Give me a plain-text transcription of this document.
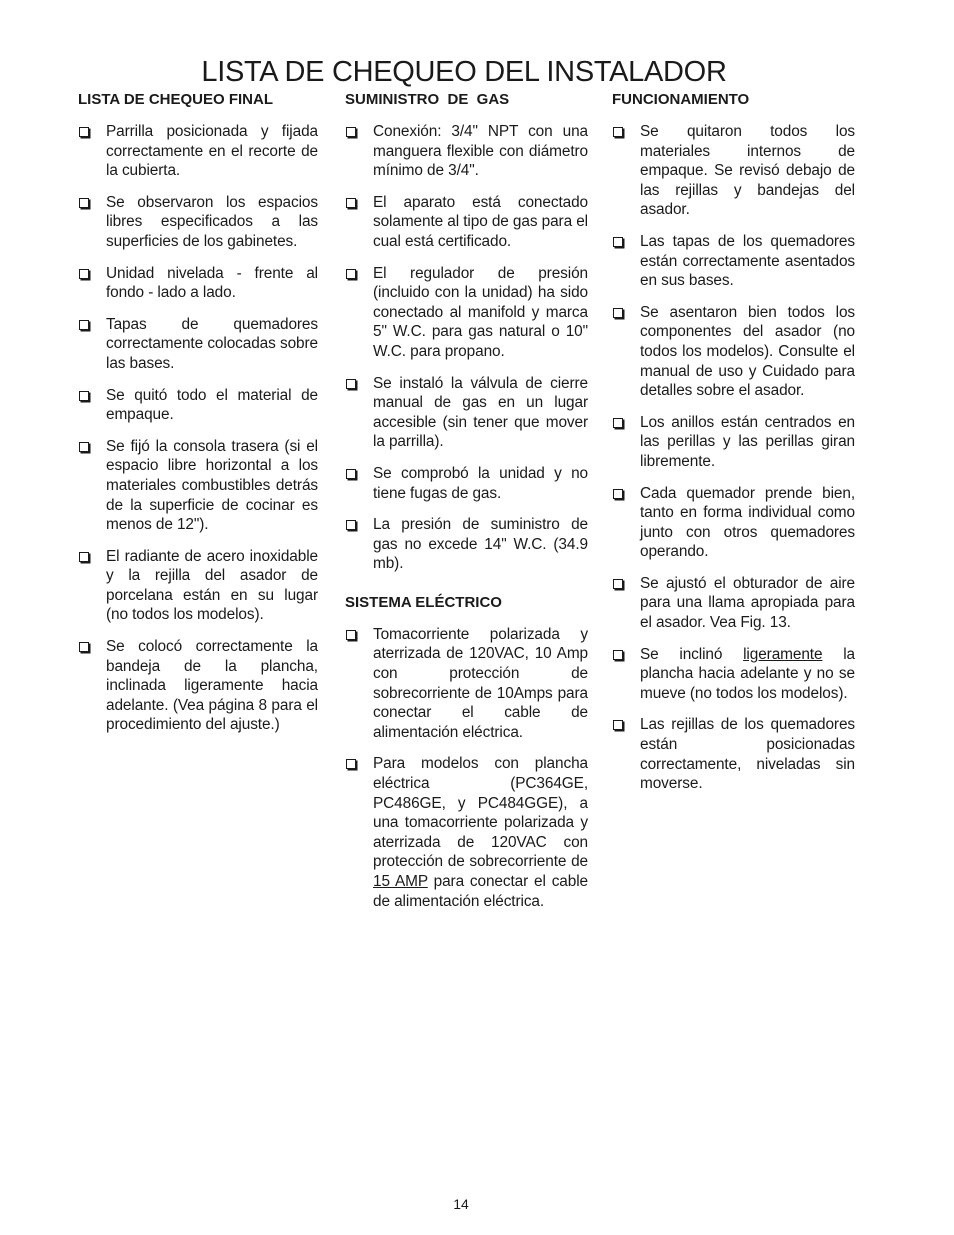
LISTA DE CHEQUEO DEL INSTALADOR
LISTA DE CHEQUEO FINAL
Parrilla posicionada y fijada correctamente en el recorte de la cubierta.
Se observaron los espacios libres especificados a las superficies de los gabinetes.
Unidad nivelada - frente al fondo - lado a lado.
Tapas de quemadores correctamente colocadas sobre las bases.
Se quitó todo el material de empaque.
Se fijó la consola trasera (si el espacio libre horizontal a los materiales combustibles detrás de la superficie de cocinar es menos de 12").
El radiante de acero inoxidable y la rejilla del asador de porcelana están en su lugar (no todos los modelos).
Se colocó correctamente la bandeja de la plancha, inclinada ligeramente hacia adelante. (Vea página 8 para el procedimiento del ajuste.)
SUMINISTRO  DE  GAS
Conexión: 3/4" NPT con una manguera flexible con diámetro mínimo de 3/4".
El aparato está conectado solamente al tipo de gas para el cual está certificado.
El regulador de presión (incluido con la unidad) ha sido conectado al manifold y marca 5" W.C. para gas natural o 10" W.C. para propano.
Se instaló la válvula de cierre manual de gas en un lugar accesible (sin tener que mover la parrilla).
Se comprobó la unidad y no tiene fugas de gas.
La presión de suministro de gas no excede 14" W.C. (34.9 mb).
SISTEMA ELÉCTRICO
Tomacorriente polarizada y aterrizada de 120VAC, 10 Amp con protección de sobrecorriente de 10Amps para conectar el cable de alimentación eléctrica.
Para modelos con plancha eléctrica (PC364GE, PC486GE, y PC484GGE), a una tomacorriente polarizada y aterrizada de 120VAC con protección de sobrecorriente de 15 AMP para conectar el cable de alimentación eléctrica.
FUNCIONAMIENTO
Se quitaron todos los materiales internos de empaque. Se revisó debajo de las rejillas y bandejas del asador.
Las tapas de los quemadores están correctamente asentados en sus bases.
Se asentaron bien todos los componentes del asador (no todos los modelos). Consulte el manual de uso y Cuidado para detalles sobre el asador.
Los anillos están centrados en las perillas y las perillas giran libremente.
Cada quemador prende bien, tanto en forma individual como junto con otros quemadores operando.
Se ajustó el obturador de aire para una llama apropiada para el asador. Vea Fig. 13.
Se inclinó ligeramente la plancha hacia adelante y no se mueve (no todos los modelos).
Las rejillas de los quemadores están posicionadas correctamente, niveladas sin moverse.
14
